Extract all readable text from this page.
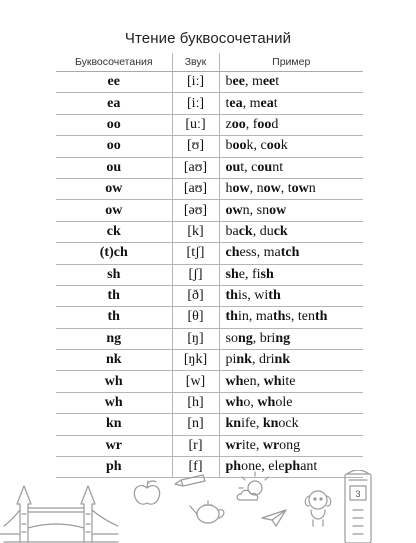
Чтение буквосочетаний
Буквосочетания	Звук	Пример
ee	[iː]	bee, meet
ea	[iː]	tea, meat
oo	[uː]	zoo, food
oo	[ʊ]	book, cook
ou	[aʊ]	out, count
ow	[aʊ]	how, now, town
ow	[əʊ]	own, snow
ck	[k]	back, duck
(t)ch	[tʃ]	chess, match
sh	[ʃ]	she, fish
th	[ð]	this, with
th	[θ]	thin, maths, tenth
ng	[ŋ]	song, bring
nk	[ŋk]	pink, drink
wh	[w]	when, white
wh	[h]	who, whole
kn	[n]	knife, knock
wr	[r]	write, wrong
ph	[f]	phone, elephant
3
